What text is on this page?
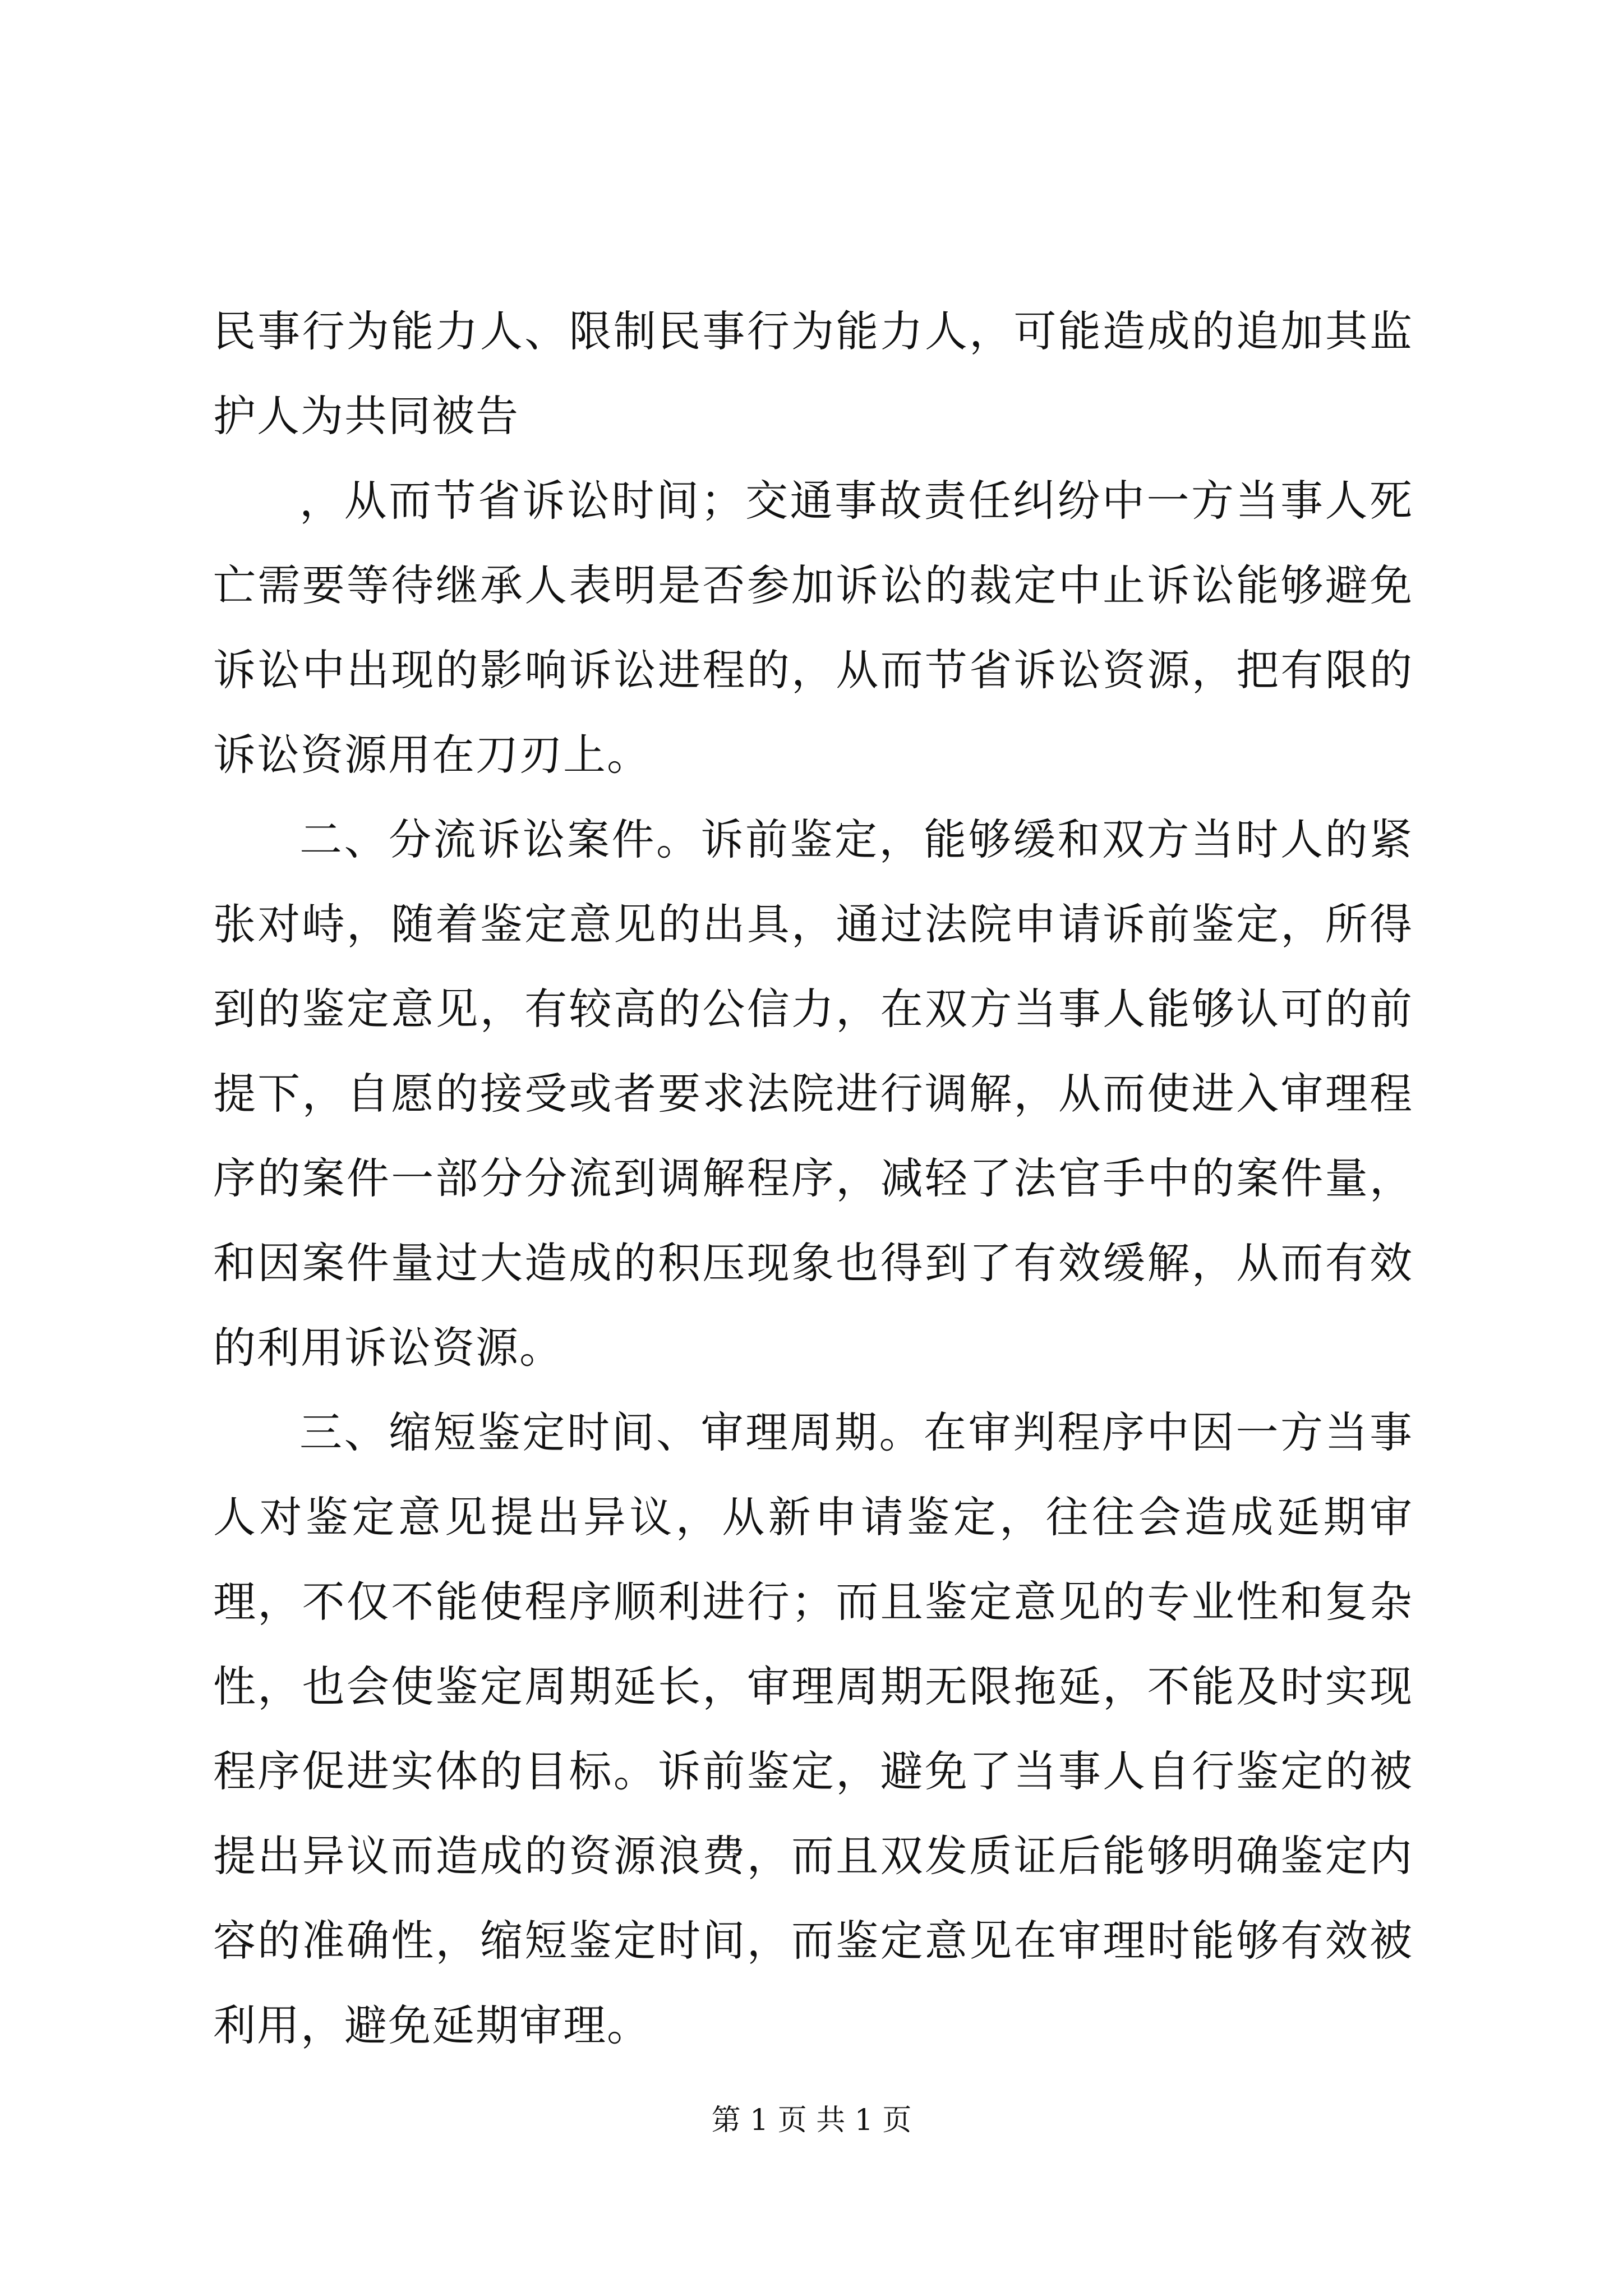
民事行为能力人、限制民事行为能力人，可能造成的追加其监护人为共同被告

，从而节省诉讼时间；交通事故责任纠纷中一方当事人死亡需要等待继承人表明是否参加诉讼的裁定中止诉讼能够避免诉讼中出现的影响诉讼进程的，从而节省诉讼资源，把有限的诉讼资源用在刀刃上。

二、分流诉讼案件。诉前鉴定，能够缓和双方当时人的紧张对峙，随着鉴定意见的出具，通过法院申请诉前鉴定，所得到的鉴定意见，有较高的公信力，在双方当事人能够认可的前提下，自愿的接受或者要求法院进行调解，从而使进入审理程序的案件一部分分流到调解程序，减轻了法官手中的案件量，和因案件量过大造成的积压现象也得到了有效缓解，从而有效的利用诉讼资源。

三、缩短鉴定时间、审理周期。在审判程序中因一方当事人对鉴定意见提出异议，从新申请鉴定，往往会造成延期审理，不仅不能使程序顺利进行；而且鉴定意见的专业性和复杂性，也会使鉴定周期延长，审理周期无限拖延，不能及时实现程序促进实体的目标。诉前鉴定，避免了当事人自行鉴定的被提出异议而造成的资源浪费，而且双发质证后能够明确鉴定内容的准确性，缩短鉴定时间，而鉴定意见在审理时能够有效被利用，避免延期审理。

第 1 页 共 1 页
